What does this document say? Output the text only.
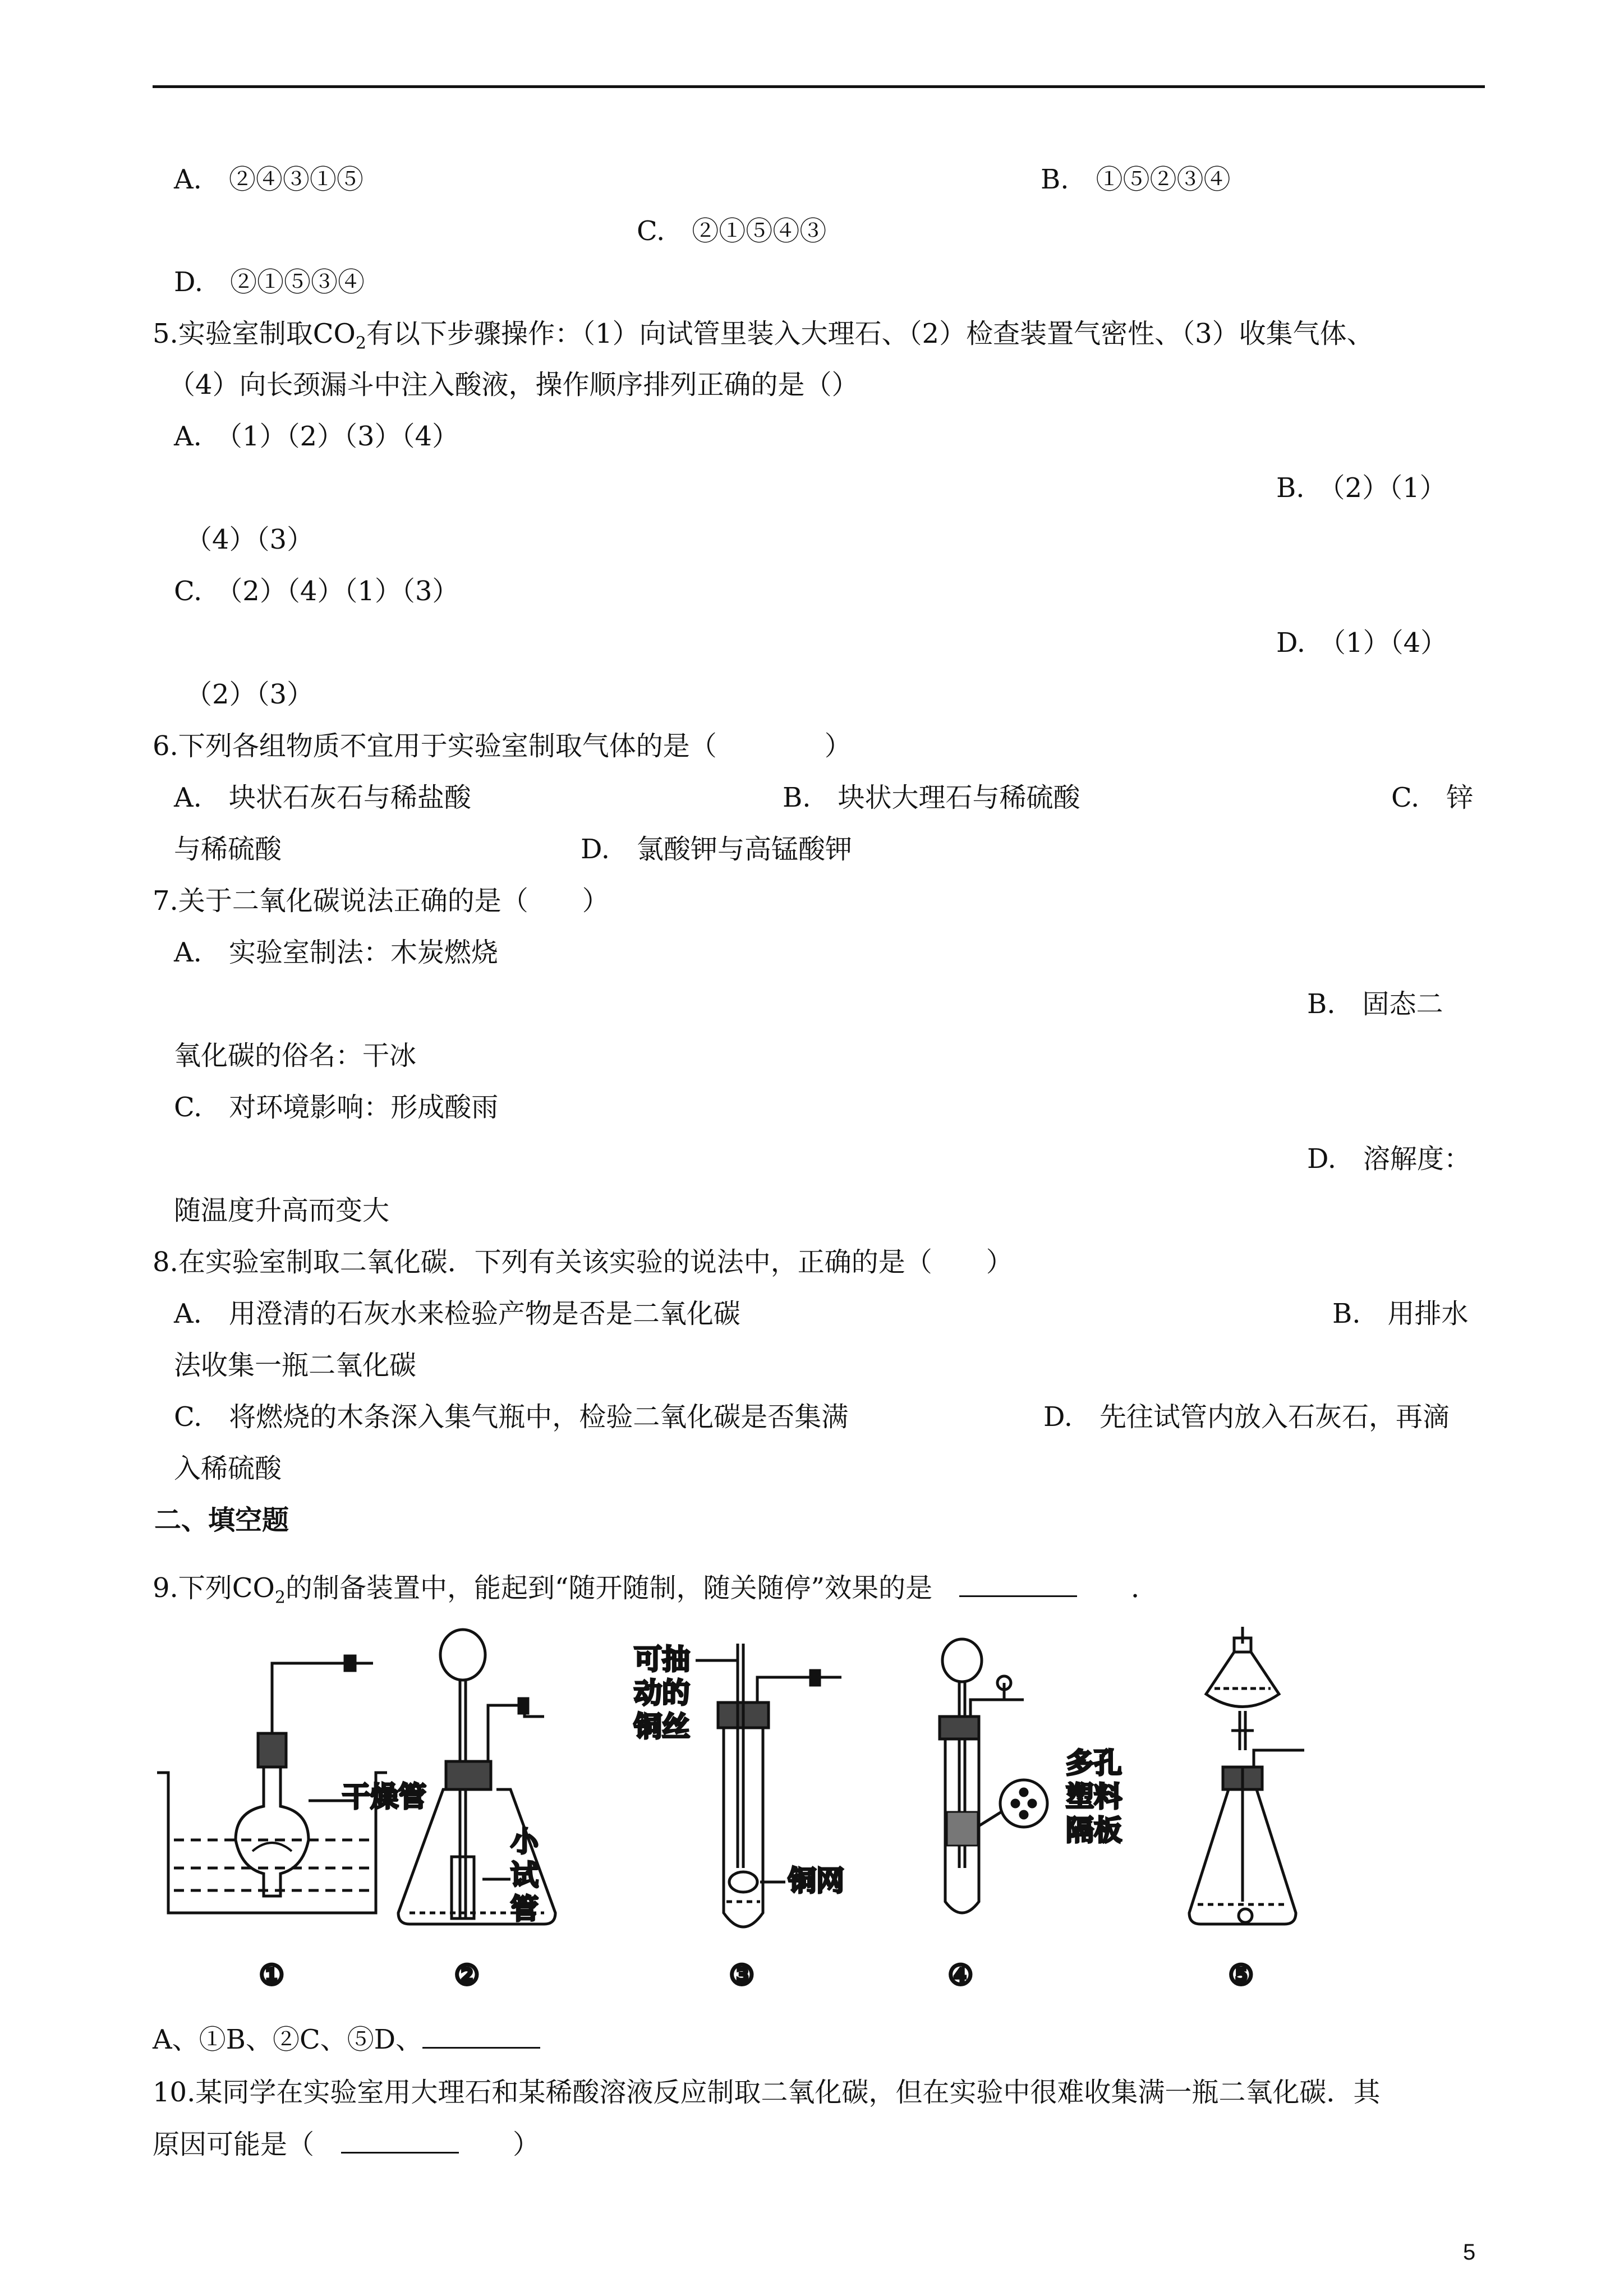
A.　②④③①⑤	B.　①⑤②③④
C.　②①⑤④③
D.　②①⑤③④
5.实验室制取$CO_2$有以下步骤操作：（1）向试管里装入大理石、（2）检查装置气密性、（3）收集气体、
（4）向长颈漏斗中注入酸液，操作顺序排列正确的是（）
A.　（1）（2）（3）（4）
B.　（2）（1）
（4）（3）
C.　（2）（4）（1）（3）
D.　（1）（4）
（2）（3）
6.下列各组物质不宜用于实验室制取气体的是（　　　　）
A.　块状石灰石与稀盐酸	B.　块状大理石与稀硫酸	C.　锌
与稀硫酸	D.　氯酸钾与高锰酸钾
7.关于二氧化碳说法正确的是（　　）
A.　实验室制法：木炭燃烧
B.　固态二
氧化碳的俗名：干冰
C.　对环境影响：形成酸雨
D.　溶解度：
随温度升高而变大
8.在实验室制取二氧化碳．下列有关该实验的说法中，正确的是（　　）
A.　用澄清的石灰水来检验产物是否是二氧化碳	B.　用排水
法收集一瓶二氧化碳
C.　将燃烧的木条深入集气瓶中，检验二氧化碳是否集满	D.　先往试管内放入石灰石，再滴
入稀硫酸
二、填空题
9.下列$CO_2$的制备装置中，能起到“随开随制，随关随停”效果的是　	　　．
干燥管
小
试
管
可抽
动的
铜丝
铜网
多孔
塑料
隔板
①	②	③	④	⑤
A、①B、②C、⑤D、
10.某同学在实验室用大理石和某稀酸溶液反应制取二氧化碳，但在实验中很难收集满一瓶二氧化碳．其
原因可能是（　	　　）
5
